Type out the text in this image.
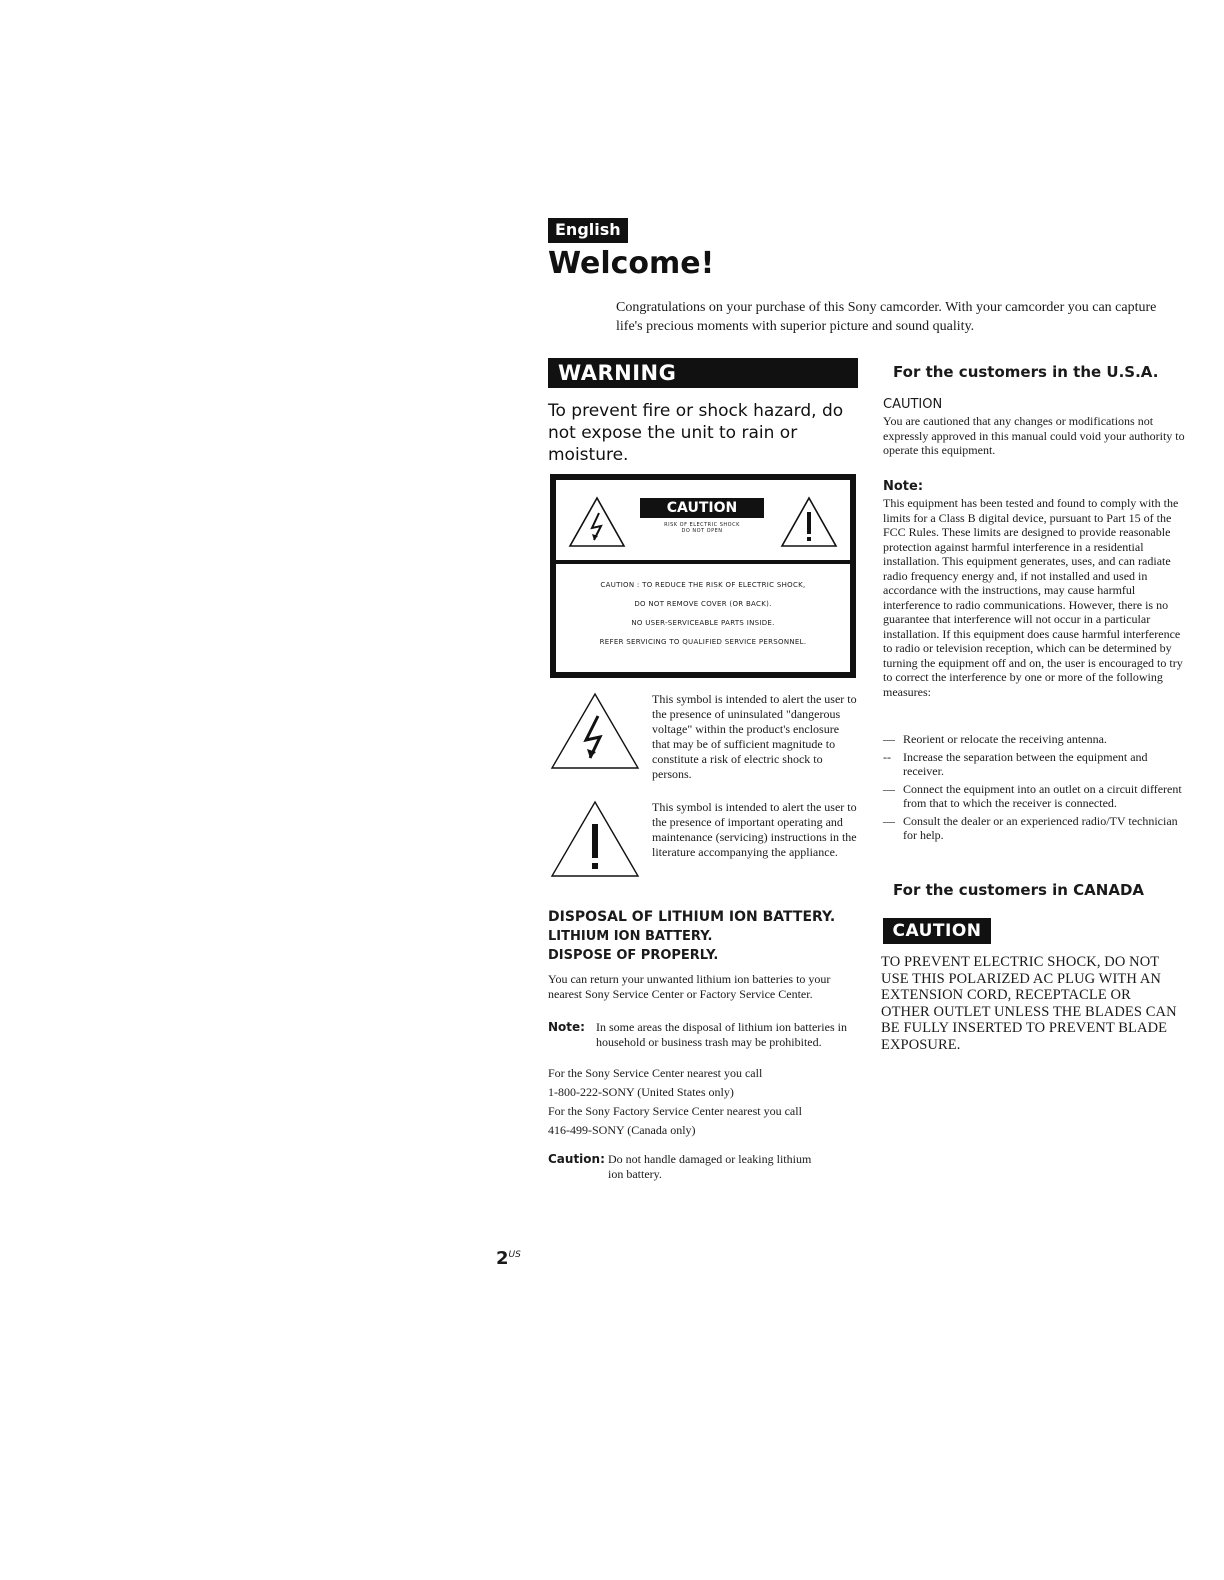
English
Welcome!

Congratulations on your purchase of this Sony camcorder. With your camcorder you can capture life's precious moments with superior picture and sound quality.

WARNING

To prevent fire or shock hazard, do not expose the unit to rain or moisture.

CAUTION
RISK OF ELECTRIC SHOCK
DO NOT OPEN
CAUTION : TO REDUCE THE RISK OF ELECTRIC SHOCK,
DO NOT REMOVE COVER (OR BACK).
NO USER-SERVICEABLE PARTS INSIDE.
REFER SERVICING TO QUALIFIED SERVICE PERSONNEL.

This symbol is intended to alert the user to the presence of uninsulated "dangerous voltage" within the product's enclosure that may be of sufficient magnitude to constitute a risk of electric shock to persons.

This symbol is intended to alert the user to the presence of important operating and maintenance (servicing) instructions in the literature accompanying the appliance.

DISPOSAL OF LITHIUM ION BATTERY.
LITHIUM ION BATTERY.
DISPOSE OF PROPERLY.

You can return your unwanted lithium ion batteries to your nearest Sony Service Center or Factory Service Center.

Note: In some areas the disposal of lithium ion batteries in household or business trash may be prohibited.

For the Sony Service Center nearest you call
1-800-222-SONY (United States only)
For the Sony Factory Service Center nearest you call
416-499-SONY (Canada only)
Caution: Do not handle damaged or leaking lithium ion battery.

For the customers in the U.S.A.
CAUTION

You are cautioned that any changes or modifications not expressly approved in this manual could void your authority to operate this equipment.

Note:

This equipment has been tested and found to comply with the limits for a Class B digital device, pursuant to Part 15 of the FCC Rules. These limits are designed to provide reasonable protection against harmful interference in a residential installation. This equipment generates, uses, and can radiate radio frequency energy and, if not installed and used in accordance with the instructions, may cause harmful interference to radio communications. However, there is no guarantee that interference will not occur in a particular installation. If this equipment does cause harmful interference to radio or television reception, which can be determined by turning the equipment off and on, the user is encouraged to try to correct the interference by one or more of the following measures:

— Reorient or relocate the receiving antenna.
-- Increase the separation between the equipment and receiver.
— Connect the equipment into an outlet on a circuit different from that to which the receiver is connected.
— Consult the dealer or an experienced radio/TV technician for help.
For the customers in CANADA
CAUTION

TO PREVENT ELECTRIC SHOCK, DO NOT USE THIS POLARIZED AC PLUG WITH AN EXTENSION CORD, RECEPTACLE OR OTHER OUTLET UNLESS THE BLADES CAN BE FULLY INSERTED TO PREVENT BLADE EXPOSURE.

$2^{US}$
